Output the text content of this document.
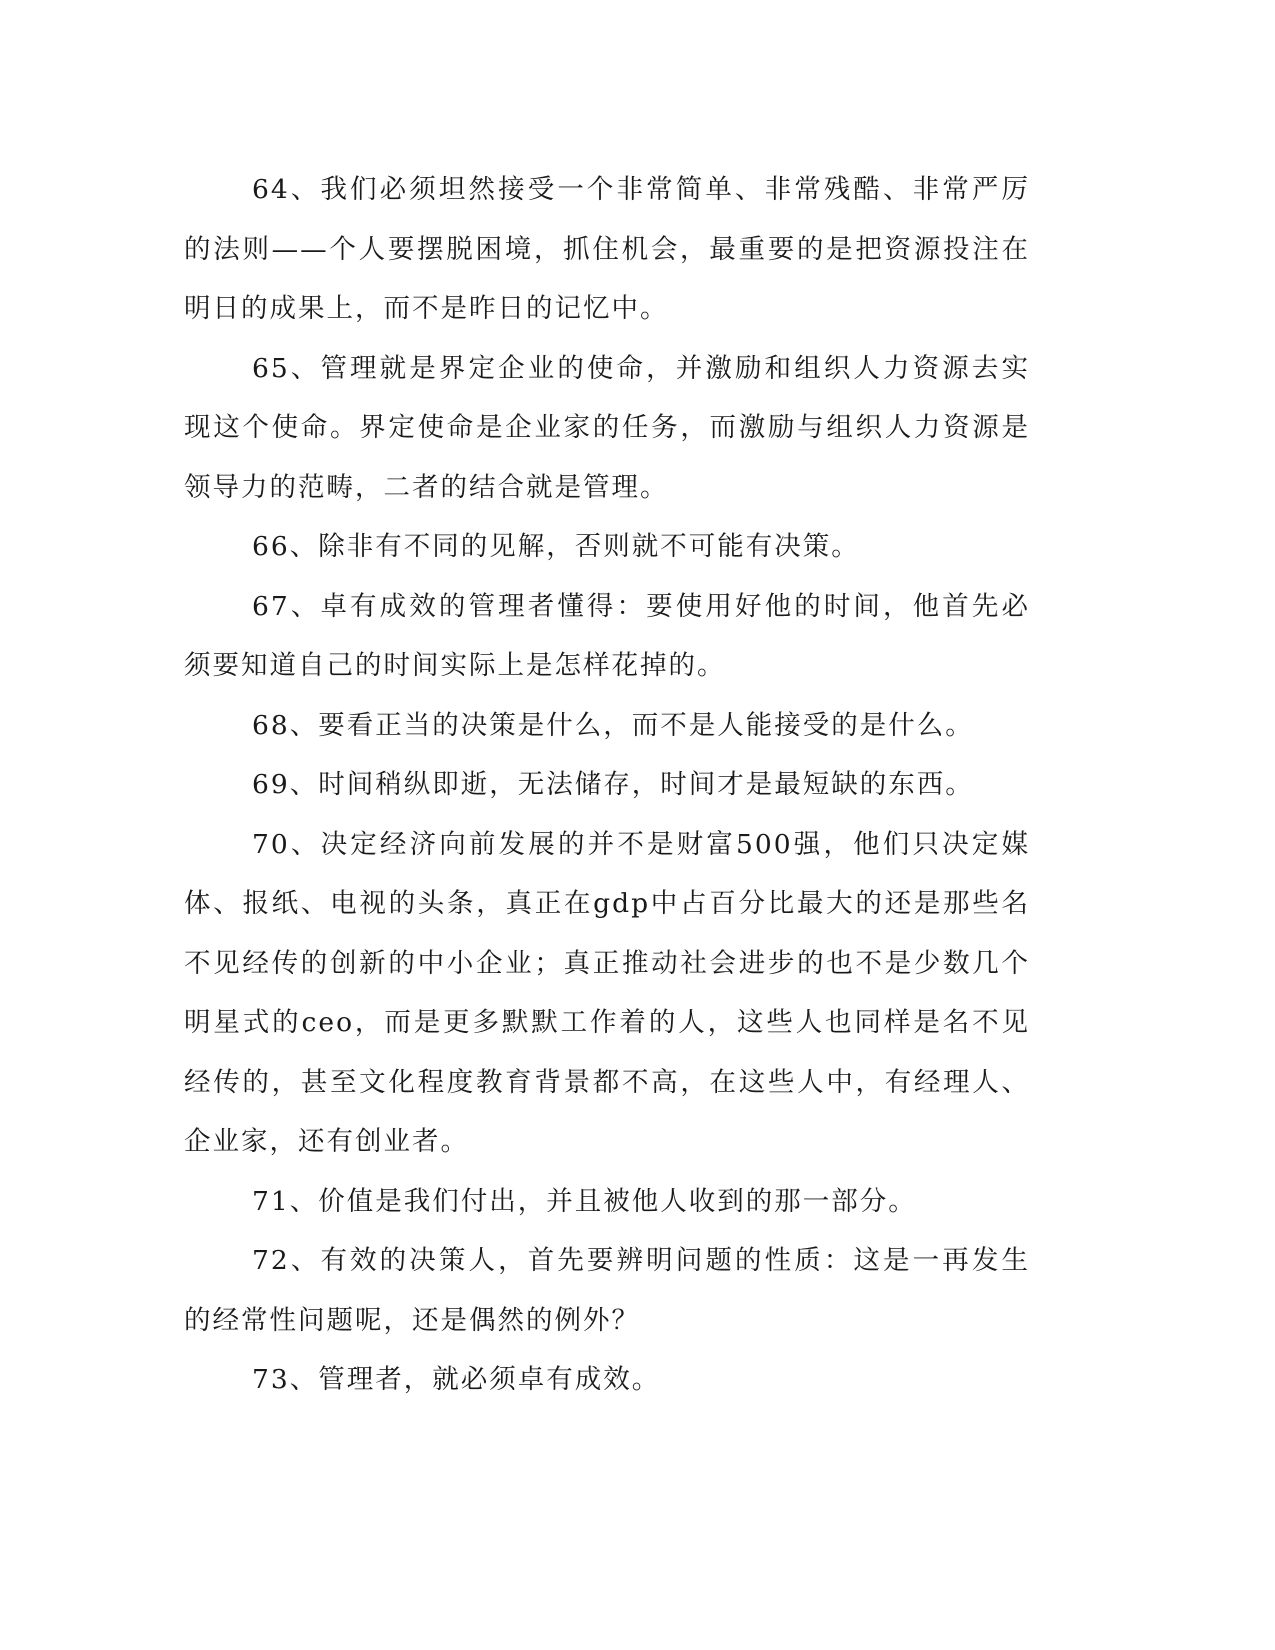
64、我们必须坦然接受一个非常简单、非常残酷、非常严厉的法则——个人要摆脱困境，抓住机会，最重要的是把资源投注在明日的成果上，而不是昨日的记忆中。

65、管理就是界定企业的使命，并激励和组织人力资源去实现这个使命。界定使命是企业家的任务，而激励与组织人力资源是领导力的范畴，二者的结合就是管理。

66、除非有不同的见解，否则就不可能有决策。

67、卓有成效的管理者懂得：要使用好他的时间，他首先必须要知道自己的时间实际上是怎样花掉的。

68、要看正当的决策是什么，而不是人能接受的是什么。

69、时间稍纵即逝，无法储存，时间才是最短缺的东西。

70、决定经济向前发展的并不是财富500强，他们只决定媒体、报纸、电视的头条，真正在gdp中占百分比最大的还是那些名不见经传的创新的中小企业；真正推动社会进步的也不是少数几个明星式的ceo，而是更多默默工作着的人，这些人也同样是名不见经传的，甚至文化程度教育背景都不高，在这些人中，有经理人、企业家，还有创业者。

71、价值是我们付出，并且被他人收到的那一部分。

72、有效的决策人，首先要辨明问题的性质：这是一再发生的经常性问题呢，还是偶然的例外？

73、管理者，就必须卓有成效。
